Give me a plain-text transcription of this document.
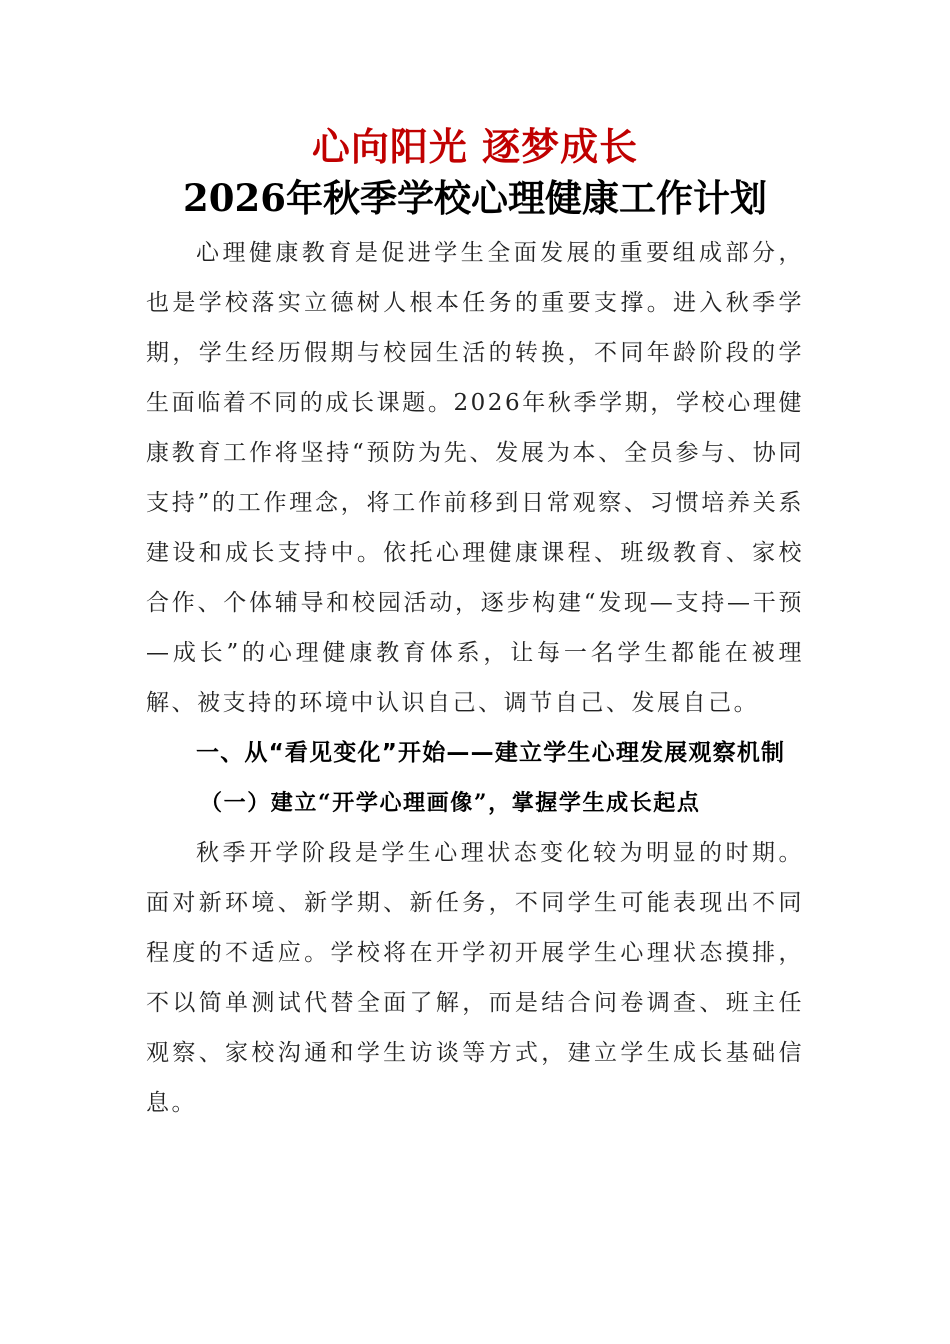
心向阳光 逐梦成长
2026年秋季学校心理健康工作计划

心理健康教育是促进学生全面发展的重要组成部分，也是学校落实立德树人根本任务的重要支撑。进入秋季学期，学生经历假期与校园生活的转换，不同年龄阶段的学生面临着不同的成长课题。2026年秋季学期，学校心理健康教育工作将坚持“预防为先、发展为本、全员参与、协同支持”的工作理念，将工作前移到日常观察、习惯培养关系建设和成长支持中。依托心理健康课程、班级教育、家校合作、个体辅导和校园活动，逐步构建“发现—支持—干预—成长”的心理健康教育体系，让每一名学生都能在被理解、被支持的环境中认识自己、调节自己、发展自己。

一、从“看见变化”开始——建立学生心理发展观察机制
（一）建立“开学心理画像”，掌握学生成长起点

秋季开学阶段是学生心理状态变化较为明显的时期。面对新环境、新学期、新任务，不同学生可能表现出不同程度的不适应。学校将在开学初开展学生心理状态摸排，不以简单测试代替全面了解，而是结合问卷调查、班主任观察、家校沟通和学生访谈等方式，建立学生成长基础信息。
